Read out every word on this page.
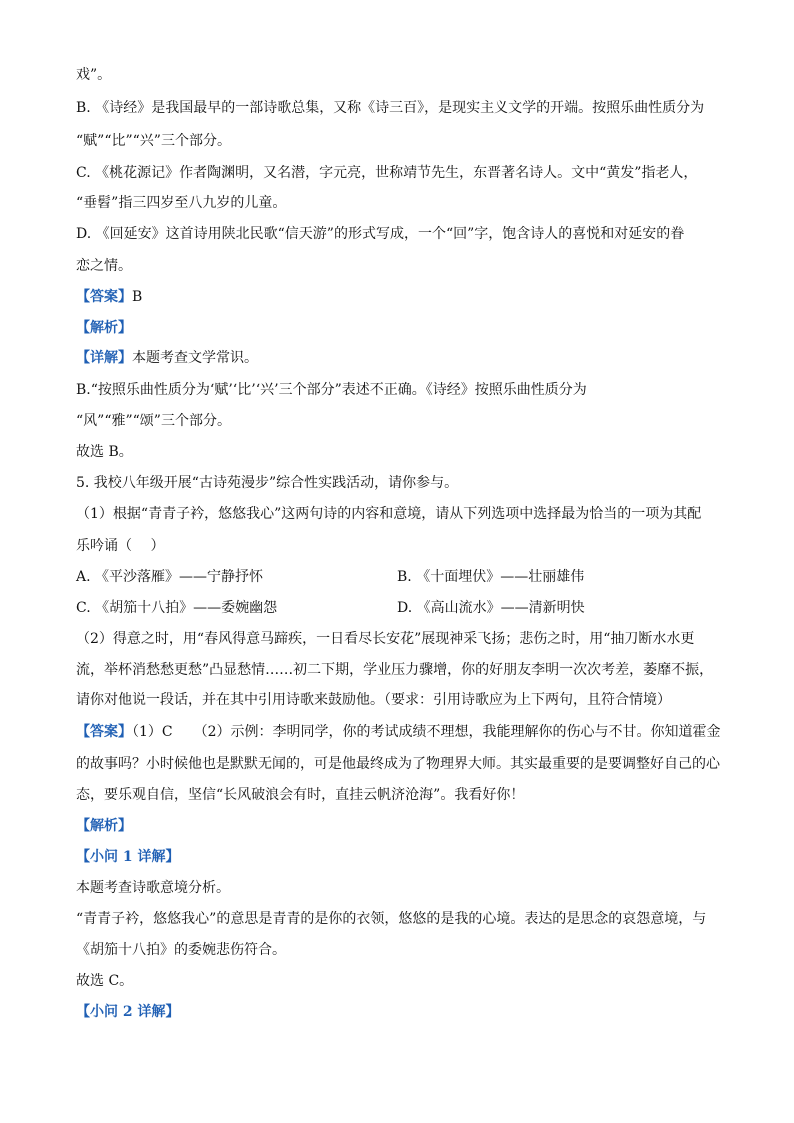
戏”。
B. 《诗经》是我国最早的一部诗歌总集，又称《诗三百》，是现实主义文学的开端。按照乐曲性质分为
“赋”“比”“兴”三个部分。
C. 《桃花源记》作者陶渊明，又名潜，字元亮，世称靖节先生，东晋著名诗人。文中“黄发”指老人，
“垂髫”指三四岁至八九岁的儿童。
D. 《回延安》这首诗用陕北民歌“信天游”的形式写成，一个“回”字，饱含诗人的喜悦和对延安的眷
恋之情。
【答案】B
【解析】
【详解】本题考查文学常识。
B.“按照乐曲性质分为‘赋’‘比’‘兴’三个部分”表述不正确。《诗经》按照乐曲性质分为
“风”“雅”“颂”三个部分。
故选 B。
5. 我校八年级开展“古诗苑漫步”综合性实践活动，请你参与。
（1）根据“青青子衿，悠悠我心”这两句诗的内容和意境，请从下列选项中选择最为恰当的一项为其配
乐吟诵（　 ）
A. 《平沙落雁》——宁静抒怀	B. 《十面埋伏》——壮丽雄伟
C. 《胡笳十八拍》——委婉幽怨	D. 《高山流水》——清新明快
（2）得意之时，用“春风得意马蹄疾，一日看尽长安花”展现神采飞扬；悲伤之时，用“抽刀断水水更
流，举杯消愁愁更愁”凸显愁情……初二下期，学业压力骤增，你的好朋友李明一次次考差，萎靡不振，
请你对他说一段话，并在其中引用诗歌来鼓励他。（要求：引用诗歌应为上下两句，且符合情境）
【答案】（1）C　　（2）示例：李明同学，你的考试成绩不理想，我能理解你的伤心与不甘。你知道霍金
的故事吗？小时候他也是默默无闻的，可是他最终成为了物理界大师。其实最重要的是要调整好自己的心
态，要乐观自信，坚信“长风破浪会有时，直挂云帆济沧海”。我看好你！
【解析】
【小问 1 详解】
本题考查诗歌意境分析。
“青青子衿，悠悠我心”的意思是青青的是你的衣领，悠悠的是我的心境。表达的是思念的哀怨意境，与
《胡笳十八拍》的委婉悲伤符合。
故选 C。
【小问 2 详解】
